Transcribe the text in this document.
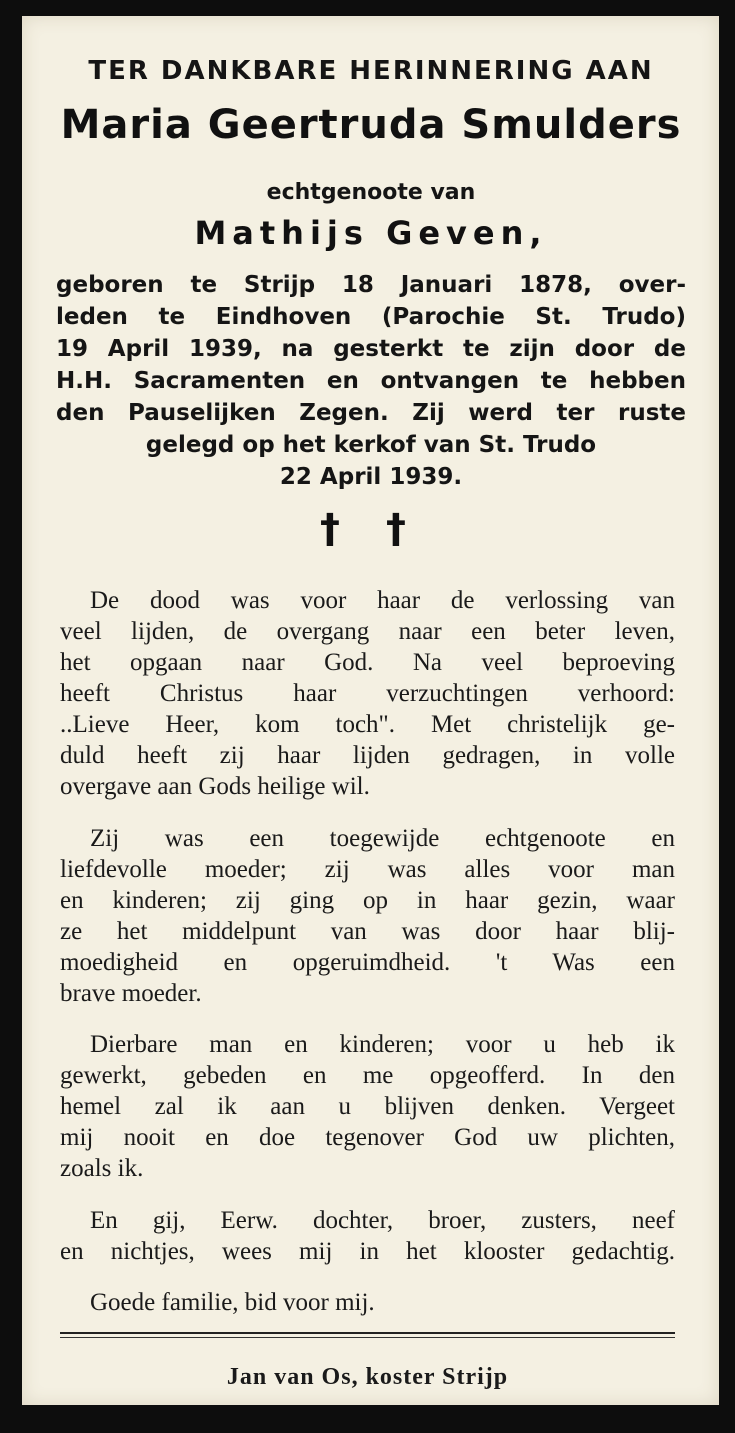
TER DANKBARE HERINNERING AAN
Maria Geertruda Smulders
echtgenoote van
Mathijs Geven,
geboren te Strijp 18 Januari 1878, over-
leden te Eindhoven (Parochie St. Trudo)
19 April 1939, na gesterkt te zijn door de
H.H. Sacramenten en ontvangen te hebben
den Pauselijken Zegen. Zij werd ter ruste
gelegd op het kerkof van St. Trudo
22 April 1939.
† †
De dood was voor haar de verlossing van
veel lijden, de overgang naar een beter leven,
het opgaan naar God. Na veel beproeving
heeft Christus haar verzuchtingen verhoord:
..Lieve Heer, kom toch". Met christelijk ge-
duld heeft zij haar lijden gedragen, in volle
overgave aan Gods heilige wil.
Zij was een toegewijde echtgenoote en
liefdevolle moeder; zij was alles voor man
en kinderen; zij ging op in haar gezin, waar
ze het middelpunt van was door haar blij-
moedigheid en opgeruimdheid. 't Was een
brave moeder.
Dierbare man en kinderen; voor u heb ik
gewerkt, gebeden en me opgeofferd. In den
hemel zal ik aan u blijven denken. Vergeet
mij nooit en doe tegenover God uw plichten,
zoals ik.
En gij, Eerw. dochter, broer, zusters, neef
en nichtjes, wees mij in het klooster gedachtig.
Goede familie, bid voor mij.
Jan van Os, koster Strijp
